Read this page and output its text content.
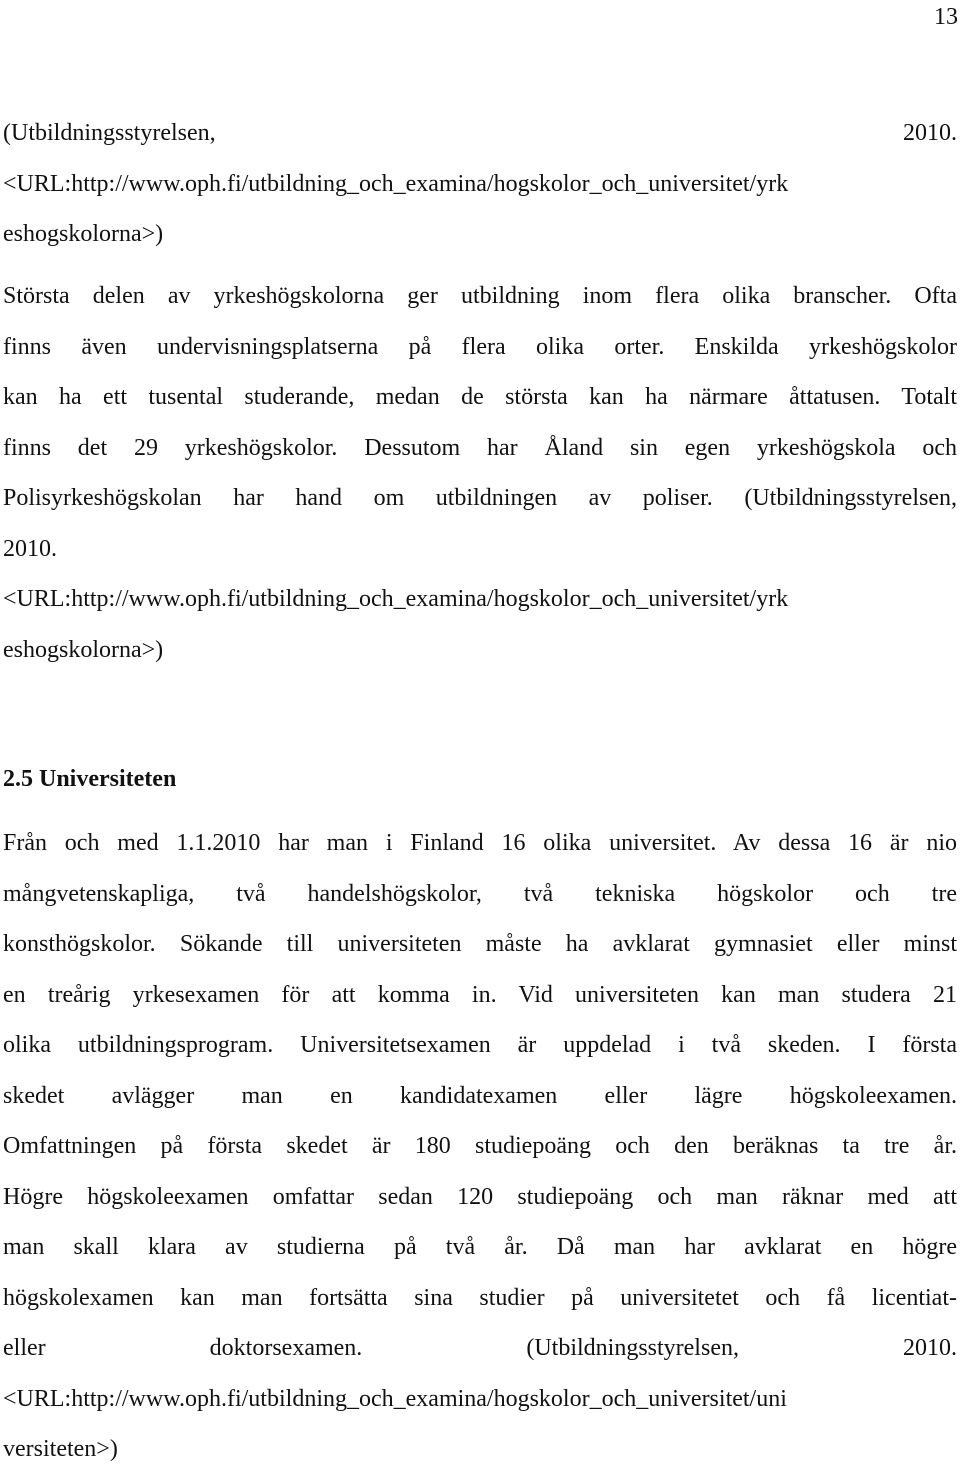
13
(Utbildningsstyrelsen, 2010.
<URL:http://www.oph.fi/utbildning_och_examina/hogskolor_och_universitet/yrk
eshogskolorna>)
Största delen av yrkeshögskolorna ger utbildning inom flera olika branscher. Ofta
finns även undervisningsplatserna på flera olika orter. Enskilda yrkeshögskolor
kan ha ett tusental studerande, medan de största kan ha närmare åttatusen. Totalt
finns det 29 yrkeshögskolor. Dessutom har Åland sin egen yrkeshögskola och
Polisyrkeshögskolan har hand om utbildningen av poliser. (Utbildningsstyrelsen,
2010.
<URL:http://www.oph.fi/utbildning_och_examina/hogskolor_och_universitet/yrk
eshogskolorna>)
2.5 Universiteten
Från och med 1.1.2010 har man i Finland 16 olika universitet. Av dessa 16 är nio
mångvetenskapliga, två handelshögskolor, två tekniska högskolor och tre
konsthögskolor. Sökande till universiteten måste ha avklarat gymnasiet eller minst
en treårig yrkesexamen för att komma in. Vid universiteten kan man studera 21
olika utbildningsprogram. Universitetsexamen är uppdelad i två skeden. I första
skedet avlägger man en kandidatexamen eller lägre högskoleexamen.
Omfattningen på första skedet är 180 studiepoäng och den beräknas ta tre år.
Högre högskoleexamen omfattar sedan 120 studiepoäng och man räknar med att
man skall klara av studierna på två år. Då man har avklarat en högre
högskolexamen kan man fortsätta sina studier på universitetet och få licentiat-
eller doktorsexamen. (Utbildningsstyrelsen, 2010.
<URL:http://www.oph.fi/utbildning_och_examina/hogskolor_och_universitet/uni
versiteten>)
